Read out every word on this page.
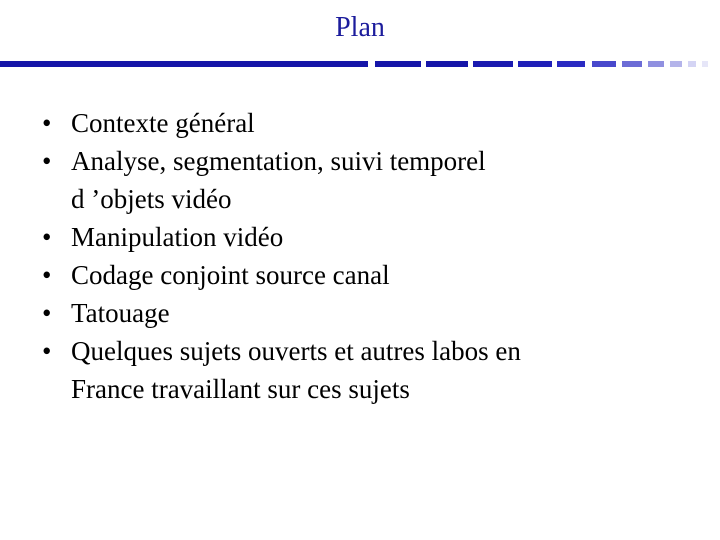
Plan
• Contexte général
• Analyse, segmentation, suivi temporel
d ’objets vidéo
• Manipulation vidéo
• Codage conjoint source canal
• Tatouage
• Quelques sujets ouverts et autres labos en
France travaillant sur ces sujets
